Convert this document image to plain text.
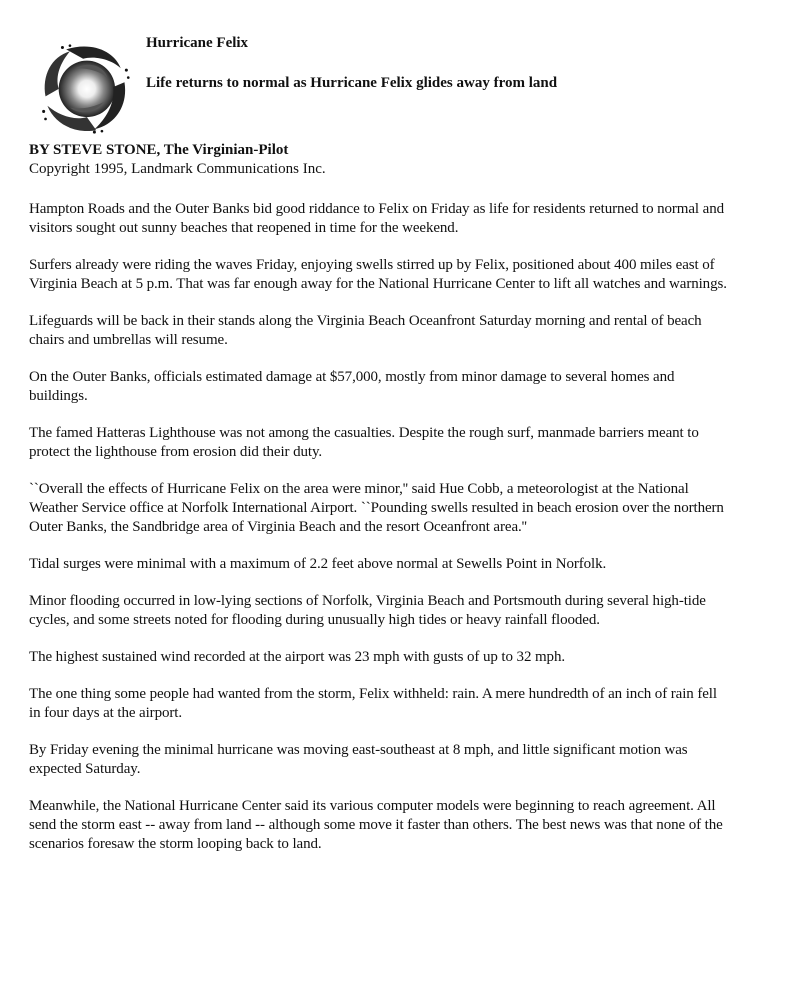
Hurricane Felix
Life returns to normal as Hurricane Felix glides away from land

BY STEVE STONE, The Virginian-Pilot

Copyright 1995, Landmark Communications Inc.

Hampton Roads and the Outer Banks bid good riddance to Felix on Friday as life for residents returned to normal and visitors sought out sunny beaches that reopened in time for the weekend.

Surfers already were riding the waves Friday, enjoying swells stirred up by Felix, positioned about 400 miles east of Virginia Beach at 5 p.m. That was far enough away for the National Hurricane Center to lift all watches and warnings.

Lifeguards will be back in their stands along the Virginia Beach Oceanfront Saturday morning and rental of beach chairs and umbrellas will resume.

On the Outer Banks, officials estimated damage at $57,000, mostly from minor damage to several homes and buildings.

The famed Hatteras Lighthouse was not among the casualties. Despite the rough surf, manmade barriers meant to protect the lighthouse from erosion did their duty.

``Overall the effects of Hurricane Felix on the area were minor,'' said Hue Cobb, a meteorologist at the National Weather Service office at Norfolk International Airport. ``Pounding swells resulted in beach erosion over the northern Outer Banks, the Sandbridge area of Virginia Beach and the resort Oceanfront area.''

Tidal surges were minimal with a maximum of 2.2 feet above normal at Sewells Point in Norfolk.

Minor flooding occurred in low-lying sections of Norfolk, Virginia Beach and Portsmouth during several high-tide cycles, and some streets noted for flooding during unusually high tides or heavy rainfall flooded.

The highest sustained wind recorded at the airport was 23 mph with gusts of up to 32 mph.

The one thing some people had wanted from the storm, Felix withheld: rain. A mere hundredth of an inch of rain fell in four days at the airport.

By Friday evening the minimal hurricane was moving east-southeast at 8 mph, and little significant motion was expected Saturday.

Meanwhile, the National Hurricane Center said its various computer models were beginning to reach agreement. All send the storm east -- away from land -- although some move it faster than others. The best news was that none of the scenarios foresaw the storm looping back to land.
